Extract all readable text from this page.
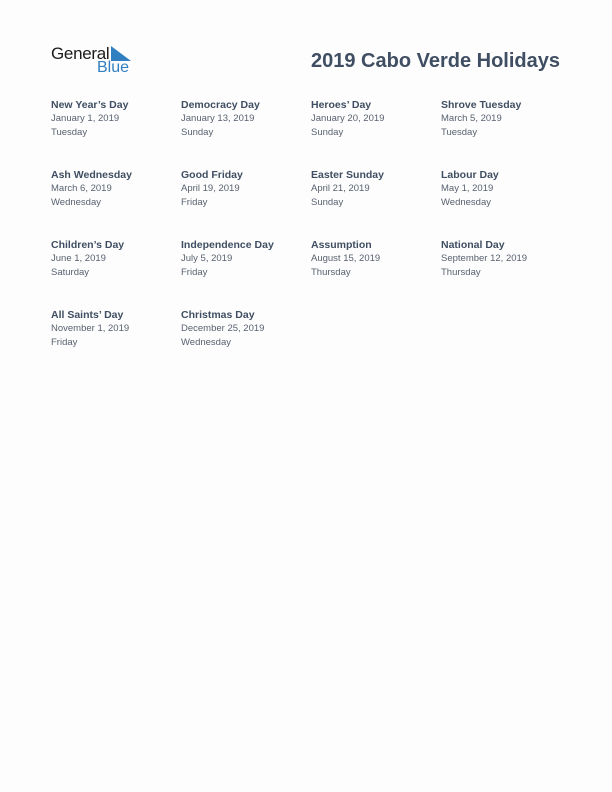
General
Blue	2019 Cabo Verde Holidays
New Year’s Day
January 1, 2019
Tuesday
Democracy Day
January 13, 2019
Sunday
Heroes’ Day
January 20, 2019
Sunday
Shrove Tuesday
March 5, 2019
Tuesday
Ash Wednesday
March 6, 2019
Wednesday
Good Friday
April 19, 2019
Friday
Easter Sunday
April 21, 2019
Sunday
Labour Day
May 1, 2019
Wednesday
Children’s Day
June 1, 2019
Saturday
Independence Day
July 5, 2019
Friday
Assumption
August 15, 2019
Thursday
National Day
September 12, 2019
Thursday
All Saints’ Day
November 1, 2019
Friday
Christmas Day
December 25, 2019
Wednesday
